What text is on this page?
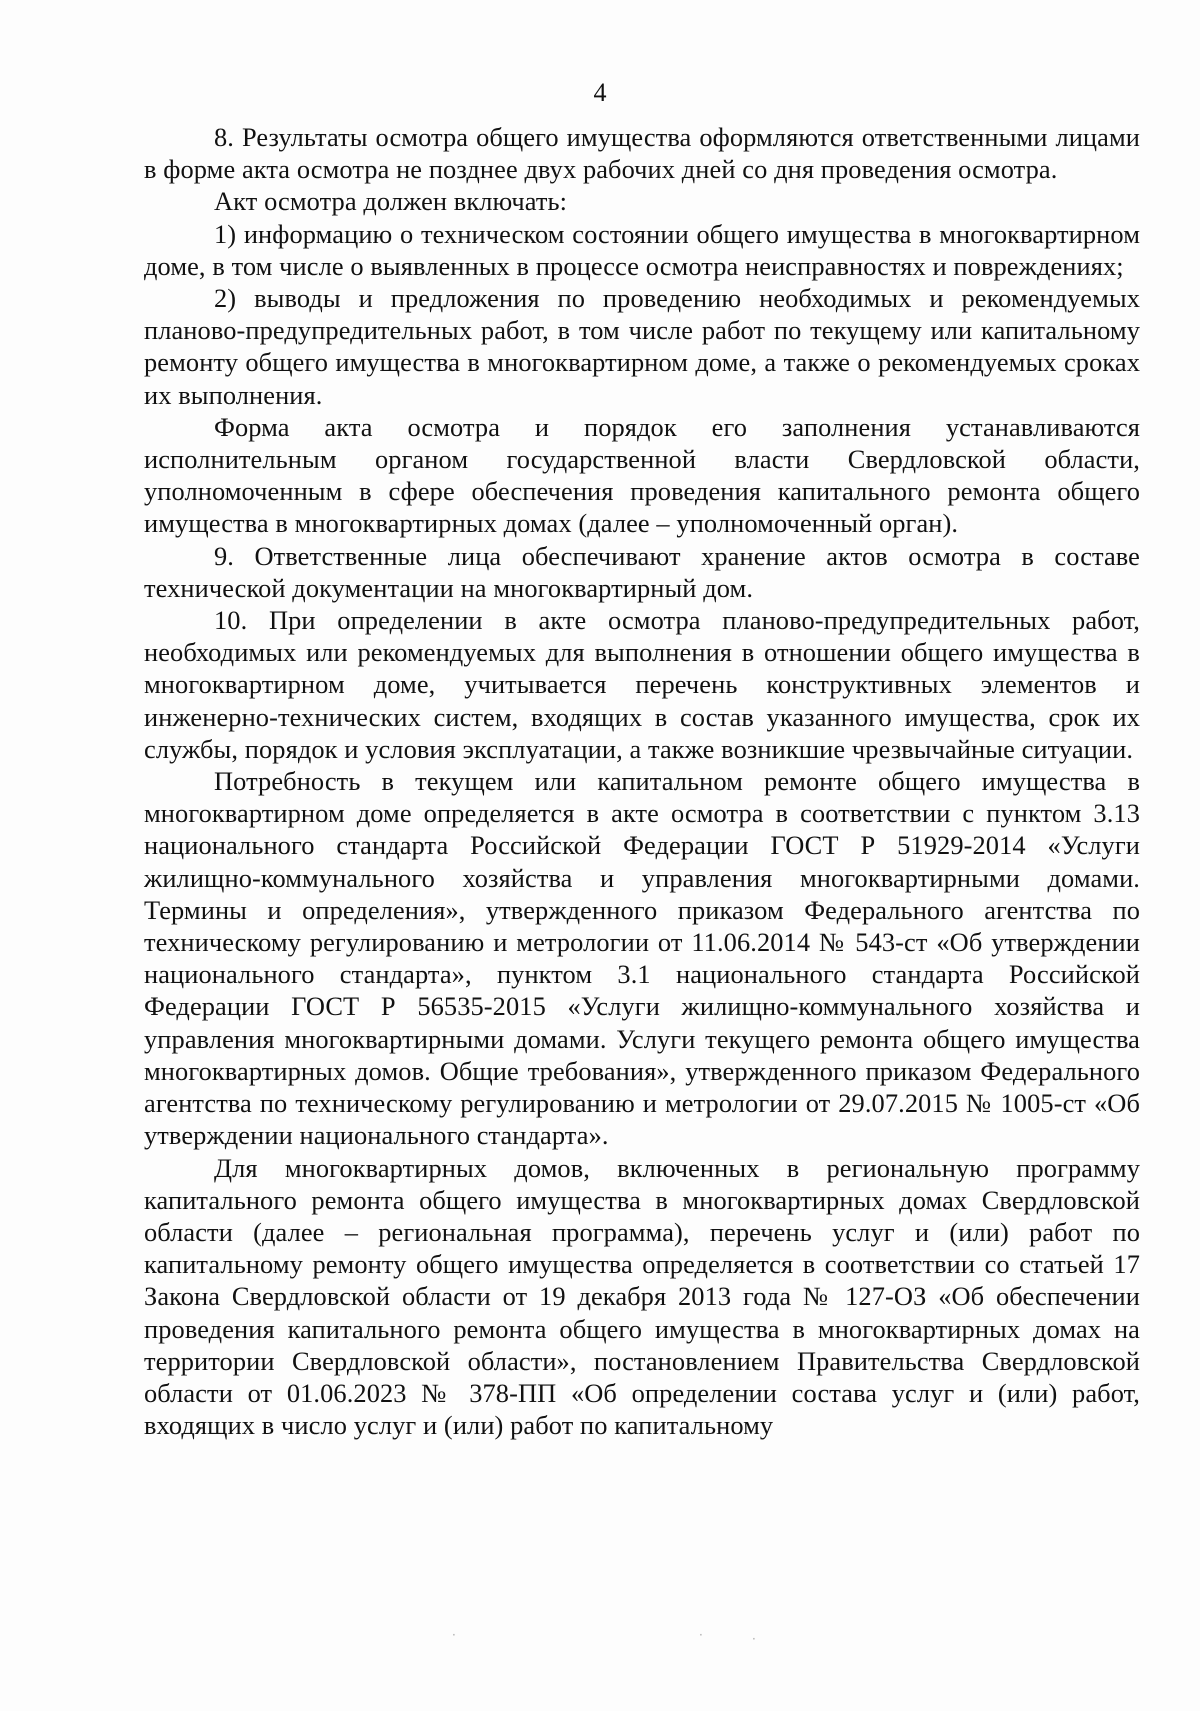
4

8. Результаты осмотра общего имущества оформляются ответственными лицами в форме акта осмотра не позднее двух рабочих дней со дня проведения осмотра.

Акт осмотра должен включать:

1) информацию о техническом состоянии общего имущества в многоквартирном доме, в том числе о выявленных в процессе осмотра неисправностях и повреждениях;

2) выводы и предложения по проведению необходимых и рекомендуемых планово-предупредительных работ, в том числе работ по текущему или капитальному ремонту общего имущества в многоквартирном доме, а также о рекомендуемых сроках их выполнения.

Форма акта осмотра и порядок его заполнения устанавливаются исполнительным органом государственной власти Свердловской области, уполномоченным в сфере обеспечения проведения капитального ремонта общего имущества в многоквартирных домах (далее – уполномоченный орган).

9. Ответственные лица обеспечивают хранение актов осмотра в составе технической документации на многоквартирный дом.

10. При определении в акте осмотра планово-предупредительных работ, необходимых или рекомендуемых для выполнения в отношении общего имущества в многоквартирном доме, учитывается перечень конструктивных элементов и инженерно-технических систем, входящих в состав указанного имущества, срок их службы, порядок и условия эксплуатации, а также возникшие чрезвычайные ситуации.

Потребность в текущем или капитальном ремонте общего имущества в многоквартирном доме определяется в акте осмотра в соответствии с пунктом 3.13 национального стандарта Российской Федерации ГОСТ Р 51929-2014 «Услуги жилищно-коммунального хозяйства и управления многоквартирными домами. Термины и определения», утвержденного приказом Федерального агентства по техническому регулированию и метрологии от 11.06.2014 № 543-ст «Об утверждении национального стандарта», пунктом 3.1 национального стандарта Российской Федерации ГОСТ Р 56535-2015 «Услуги жилищно-коммунального хозяйства и управления многоквартирными домами. Услуги текущего ремонта общего имущества многоквартирных домов. Общие требования», утвержденного приказом Федерального агентства по техническому регулированию и метрологии от 29.07.2015 № 1005-ст «Об утверждении национального стандарта».

Для многоквартирных домов, включенных в региональную программу капитального ремонта общего имущества в многоквартирных домах Свердловской области (далее – региональная программа), перечень услуг и (или) работ по капитальному ремонту общего имущества определяется в соответствии со статьей 17 Закона Свердловской области от 19 декабря 2013 года № 127-ОЗ «Об обеспечении проведения капитального ремонта общего имущества в многоквартирных домах на территории Свердловской области», постановлением Правительства Свердловской области от 01.06.2023 № 378-ПП «Об определении состава услуг и (или) работ, входящих в число услуг и (или) работ по капитальному

·	·	·
